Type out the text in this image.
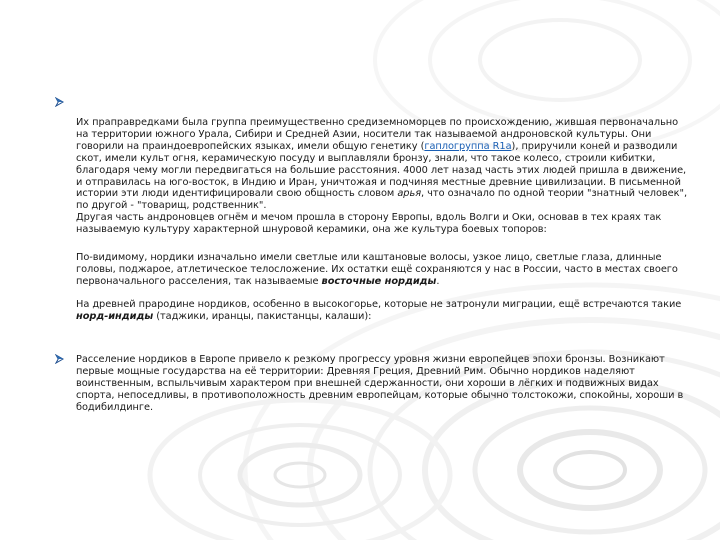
Их праправредками была группа преимущественно средиземноморцев по происхождению, жившая первоначально на территории южного Урала, Сибири и Средней Азии, носители так называемой андроновской культуры. Они говорили на праиндоевропейских языках, имели общую генетику (гаплогруппа R1a), приручили коней и разводили скот, имели культ огня, керамическую посуду и выплавляли бронзу, знали, что такое колесо, строили кибитки, благодаря чему могли передвигаться на большие расстояния. 4000 лет назад часть этих людей пришла в движение, и отправилась на юго-восток, в Индию и Иран, уничтожая и подчиняя местные древние цивилизации. В письменной истории эти люди идентифицировали свою общность словом арья, что означало по одной теории "знатный человек", по другой - "товарищ, родственник".

Другая часть андроновцев огнём и мечом прошла в сторону Европы, вдоль Волги и Оки, основав в тех краях так называемую культуру характерной шнуровой керамики, она же культура боевых топоров:

По-видимому, нордики изначально имели светлые или каштановые волосы, узкое лицо, светлые глаза, длинные головы, поджарое, атлетическое телосложение. Их остатки ещё сохраняются у нас в России, часто в местах своего первоначального расселения, так называемые восточные нордиды.

На древней прародине нордиков, особенно в высокогорье, которые не затронули миграции, ещё встречаются такие норд-индиды (таджики, иранцы, пакистанцы, калаши):

Расселение нордиков в Европе привело к резкому прогрессу уровня жизни европейцев эпохи бронзы. Возникают первые мощные государства на её территории: Древняя Греция, Древний Рим. Обычно нордиков наделяют воинственным, вспыльчивым характером при внешней сдержанности, они хороши в лёгких и подвижных видах спорта, непоседливы, в противоположность древним европейцам, которые обычно толстокожи, спокойны, хороши в бодибилдинге.
